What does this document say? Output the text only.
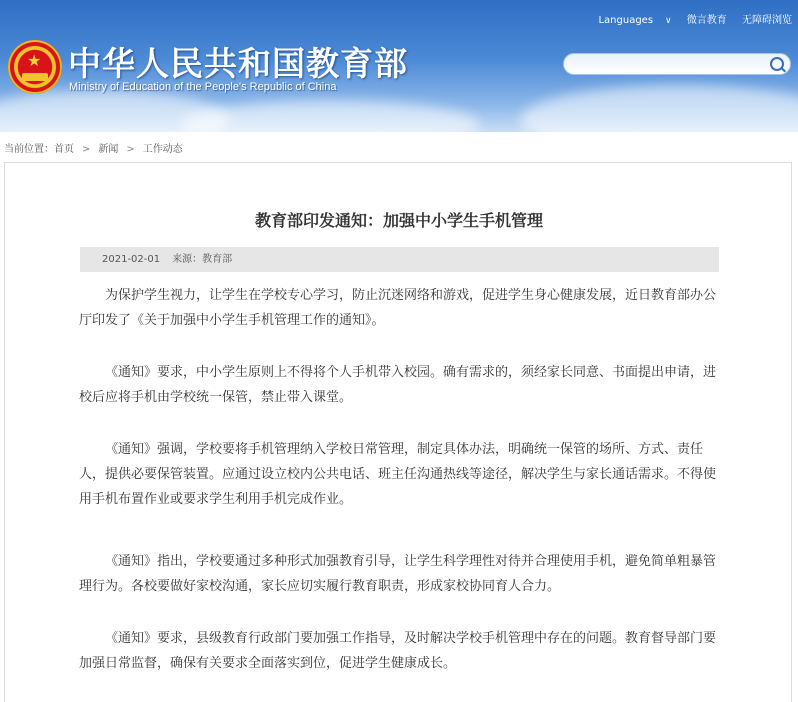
★ 中华人民共和国教育部
Ministry of Education of the People's Republic of China
Languages ∨ 微言教育 无障碍浏览
当前位置：首页 > 新闻 > 工作动态
教育部印发通知：加强中小学生手机管理
2021-02-01 来源：教育部

为保护学生视力，让学生在学校专心学习，防止沉迷网络和游戏，促进学生身心健康发展，近日教育部办公厅印发了《关于加强中小学生手机管理工作的通知》。

《通知》要求，中小学生原则上不得将个人手机带入校园。确有需求的，须经家长同意、书面提出申请，进校后应将手机由学校统一保管，禁止带入课堂。

《通知》强调，学校要将手机管理纳入学校日常管理，制定具体办法，明确统一保管的场所、方式、责任人，提供必要保管装置。应通过设立校内公共电话、班主任沟通热线等途径，解决学生与家长通话需求。不得使用手机布置作业或要求学生利用手机完成作业。

《通知》指出，学校要通过多种形式加强教育引导，让学生科学理性对待并合理使用手机，避免简单粗暴管理行为。各校要做好家校沟通，家长应切实履行教育职责，形成家校协同育人合力。

《通知》要求，县级教育行政部门要加强工作指导，及时解决学校手机管理中存在的问题。教育督导部门要加强日常监督，确保有关要求全面落实到位，促进学生健康成长。
